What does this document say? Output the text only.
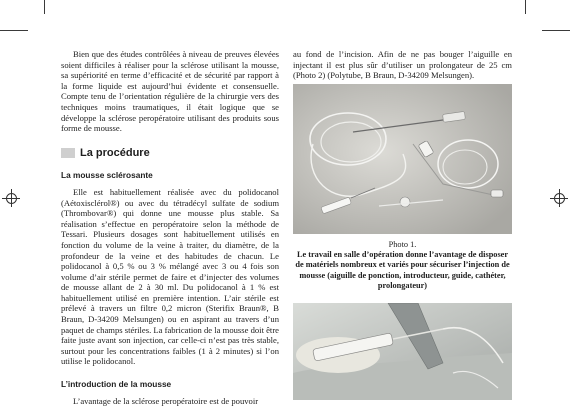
Bien que des études contrôlées à niveau de preuves élevées soient difficiles à réaliser pour la sclérose utilisant la mousse, sa supériorité en terme d’efficacité et de sécurité par rapport à la forme liquide est aujourd’hui évidente et consensuelle. Compte tenu de l’orientation régulière de la chirurgie vers des techniques moins traumatiques, il était logique que se développe la sclérose peropératoire utilisant des produits sous forme de mousse.

La procédure
La mousse sclérosante

Elle est habituellement réalisée avec du polidocanol (Aétoxisclérol®) ou avec du tétradécyl sulfate de sodium (Thrombovar®) qui donne une mousse plus stable. Sa réalisation s’effectue en peropératoire selon la méthode de Tessari. Plusieurs dosages sont habituellement utilisés en fonction du volume de la veine à traiter, du diamètre, de la profondeur de la veine et des habitudes de chacun. Le polidocanol à 0,5 % ou 3 % mélangé avec 3 ou 4 fois son volume d’air stérile permet de faire et d’injecter des volumes de mousse allant de 2 à 30 ml. Du polidocanol à 1 % est habituellement utilisé en première intention. L’air stérile est prélevé à travers un filtre 0,2 micron (Sterifix Braun®, B Braun, D-34209 Melsungen) ou en aspirant au travers d’un paquet de champs stériles. La fabrication de la mousse doit être faite juste avant son injection, car celle-ci n’est pas très stable, surtout pour les concentrations faibles (1 à 2 minutes) si l’on utilise le polidocanol.

L’introduction de la mousse

L’avantage de la sclérose peropératoire est de pouvoir

au fond de l’incision. Afin de ne pas bouger l’aiguille en injectant il est plus sûr d’utiliser un prolongateur de 25 cm (Photo 2) (Polytube, B Braun, D-34209 Melsungen).

Photo 1.
Le travail en salle d’opération donne l’avantage de disposer de matériels nombreux et variés pour sécuriser l’injection de mousse (aiguille de ponction, introducteur, guide, cathéter, prolongateur)
